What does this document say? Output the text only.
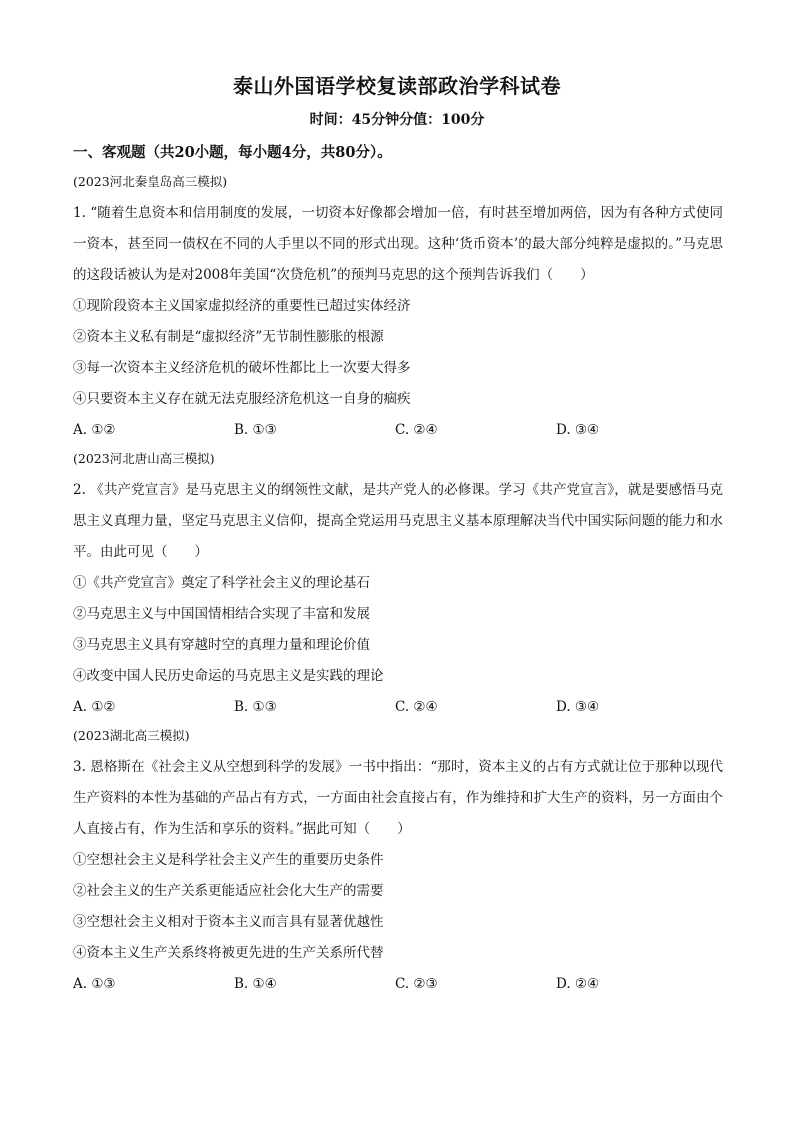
泰山外国语学校复读部政治学科试卷
时间：45分钟分值：100分
一、客观题（共20小题，每小题4分，共80分）。
(2023河北秦皇岛高三模拟)
1. “随着生息资本和信用制度的发展，一切资本好像都会增加一倍，有时甚至增加两倍，因为有各种方式使同一资本，甚至同一债权在不同的人手里以不同的形式出现。这种‘货币资本’的最大部分纯粹是虚拟的。”马克思的这段话被认为是对2008年美国“次贷危机”的预判马克思的这个预判告诉我们（　　）
①现阶段资本主义国家虚拟经济的重要性已超过实体经济
②资本主义私有制是“虚拟经济”无节制性膨胀的根源
③每一次资本主义经济危机的破坏性都比上一次要大得多
④只要资本主义存在就无法克服经济危机这一自身的痼疾
A. ①②	B. ①③	C. ②④	D. ③④
(2023河北唐山高三模拟)
2. 《共产党宣言》是马克思主义的纲领性文献，是共产党人的必修课。学习《共产党宣言》，就是要感悟马克思主义真理力量，坚定马克思主义信仰，提高全党运用马克思主义基本原理解决当代中国实际问题的能力和水平。由此可见（　　）
①《共产党宣言》奠定了科学社会主义的理论基石
②马克思主义与中国国情相结合实现了丰富和发展
③马克思主义具有穿越时空的真理力量和理论价值
④改变中国人民历史命运的马克思主义是实践的理论
A. ①②	B. ①③	C. ②④	D. ③④
(2023湖北高三模拟)
3. 恩格斯在《社会主义从空想到科学的发展》一书中指出：“那时，资本主义的占有方式就让位于那种以现代生产资料的本性为基础的产品占有方式，一方面由社会直接占有，作为维持和扩大生产的资料，另一方面由个人直接占有，作为生活和享乐的资料。”据此可知（　　）
①空想社会主义是科学社会主义产生的重要历史条件
②社会主义的生产关系更能适应社会化大生产的需要
③空想社会主义相对于资本主义而言具有显著优越性
④资本主义生产关系终将被更先进的生产关系所代替
A. ①③	B. ①④	C. ②③	D. ②④
